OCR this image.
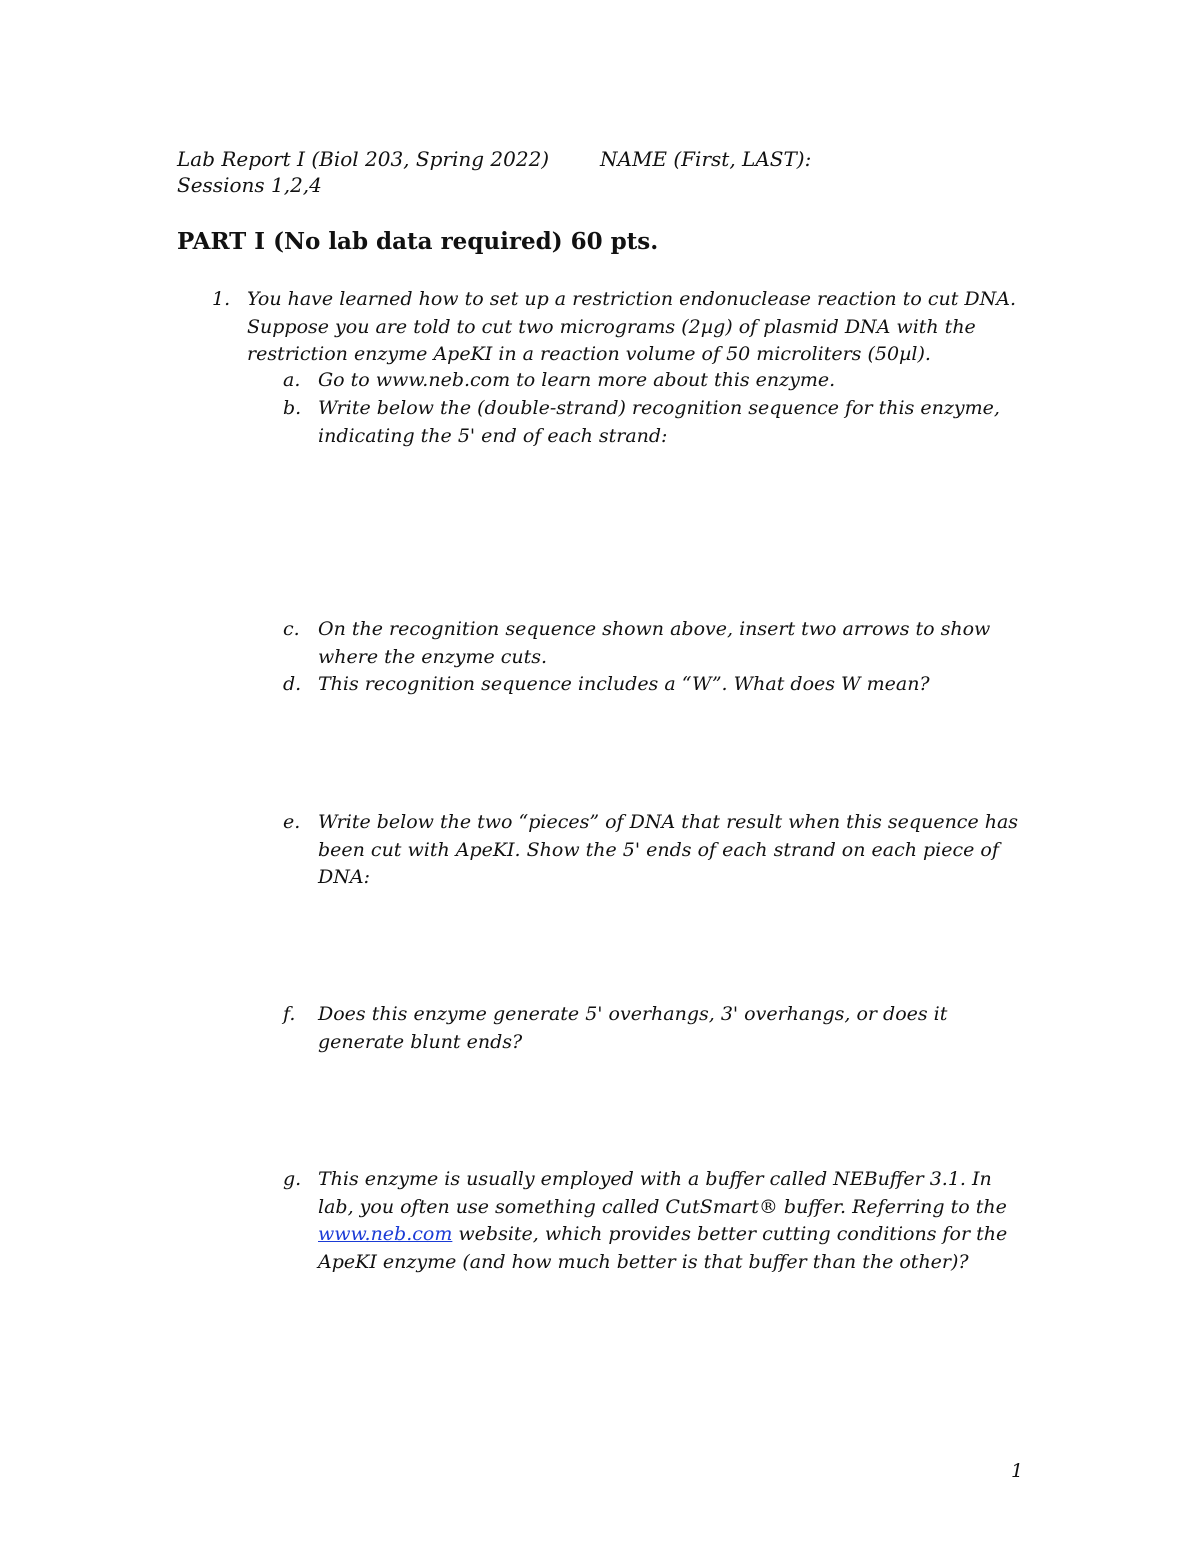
Lab Report I (Biol 203, Spring 2022)	NAME (First, LAST):
Sessions 1,2,4
PART I (No lab data required) 60 pts.
1. You have learned how to set up a restriction endonuclease reaction to cut DNA.
Suppose you are told to cut two micrograms (2µg) of plasmid DNA with the
restriction enzyme ApeKI in a reaction volume of 50 microliters (50µl).
a. Go to www.neb.com to learn more about this enzyme.
b. Write below the (double-strand) recognition sequence for this enzyme,
indicating the 5' end of each strand:
c. On the recognition sequence shown above, insert two arrows to show
where the enzyme cuts.
d. This recognition sequence includes a “W”. What does W mean?
e. Write below the two “pieces” of DNA that result when this sequence has
been cut with ApeKI. Show the 5' ends of each strand on each piece of
DNA:
f. Does this enzyme generate 5' overhangs, 3' overhangs, or does it
generate blunt ends?
g. This enzyme is usually employed with a buffer called NEBuffer 3.1. In
lab, you often use something called CutSmart® buffer. Referring to the
www.neb.com website, which provides better cutting conditions for the
ApeKI enzyme (and how much better is that buffer than the other)?
1
